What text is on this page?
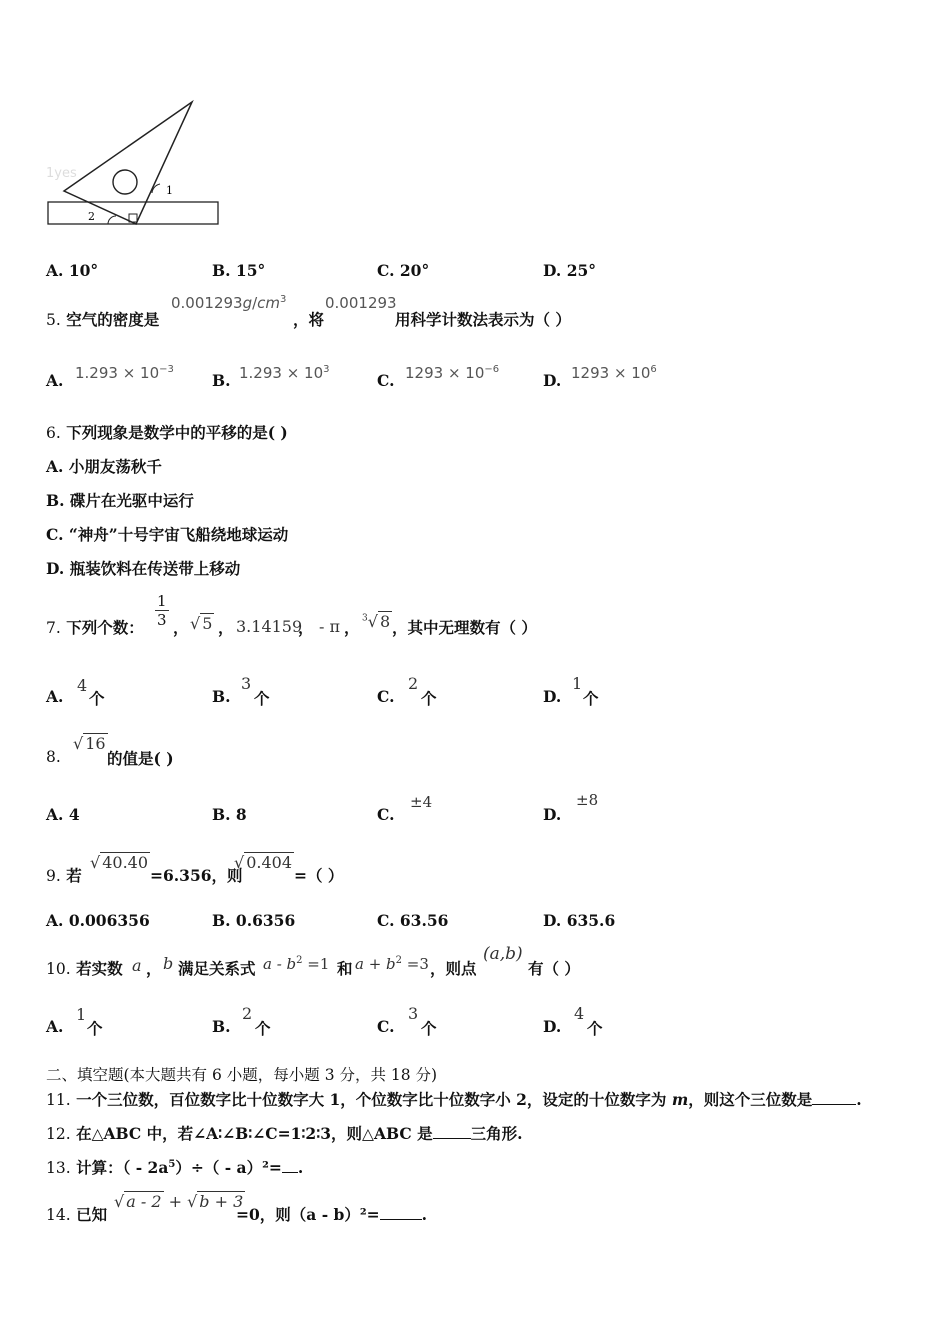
1
2
1yes
A. 10°	B. 15°	C. 20°	D. 25°
5. 空气的密度是
$0.001293g/cm^3$
，将
0.001293
用科学计数法表示为（ ）
A. $1.293 \times 10^{-3}$
B. $1.293 \times 10^3$
C. $1293 \times 10^{-6}$
D. $1293 \times 10^6$
6. 下列现象是数学中的平移的是( )
A. 小朋友荡秋千
B. 碟片在光驱中运行
C. “神舟”十号宇宙飞船绕地球运动
D. 瓶装饮料在传送带上移动
7. 下列个数： $\frac{1}{3}$ ， √ 5 ， 3.14159
， - π ， $^3$√ 8 ，其中无理数有（ ）
A.
4
个	B.
3
个	C.
2
个	D.
1
个
8.
√ 16
的值是( )
A. 4	B. 8	C.
±4
D.
±8
9. 若
√ 40.40
=6.356，则
√ 0.404
=（ ）
A. 0.006356	B. 0.6356	C. 63.56	D. 635.6
10. 若实数 a ， b 满足关系式 $a - b^2 =1$ 和 $a + b^2 =3$ ，则点
(a,b)
有（ ）
A.
1
个	B.
2
个	C.
3
个	D.
4
个
二、填空题(本大题共有 6 小题，每小题 3 分，共 18 分)
11. 一个三位数，百位数字比十位数字大 1，个位数字比十位数字小 2，设定的十位数字为 m，则这个三位数是	.
12. 在△ABC 中，若∠A∶∠B∶∠C=1∶2∶3，则△ABC 是 三角形.
13. 计算：（ - $2a^5)\div( - a)^2=$ .
14. 已知
√ a - 2 + √ b + 3
=0，则（a - b）²=	.
